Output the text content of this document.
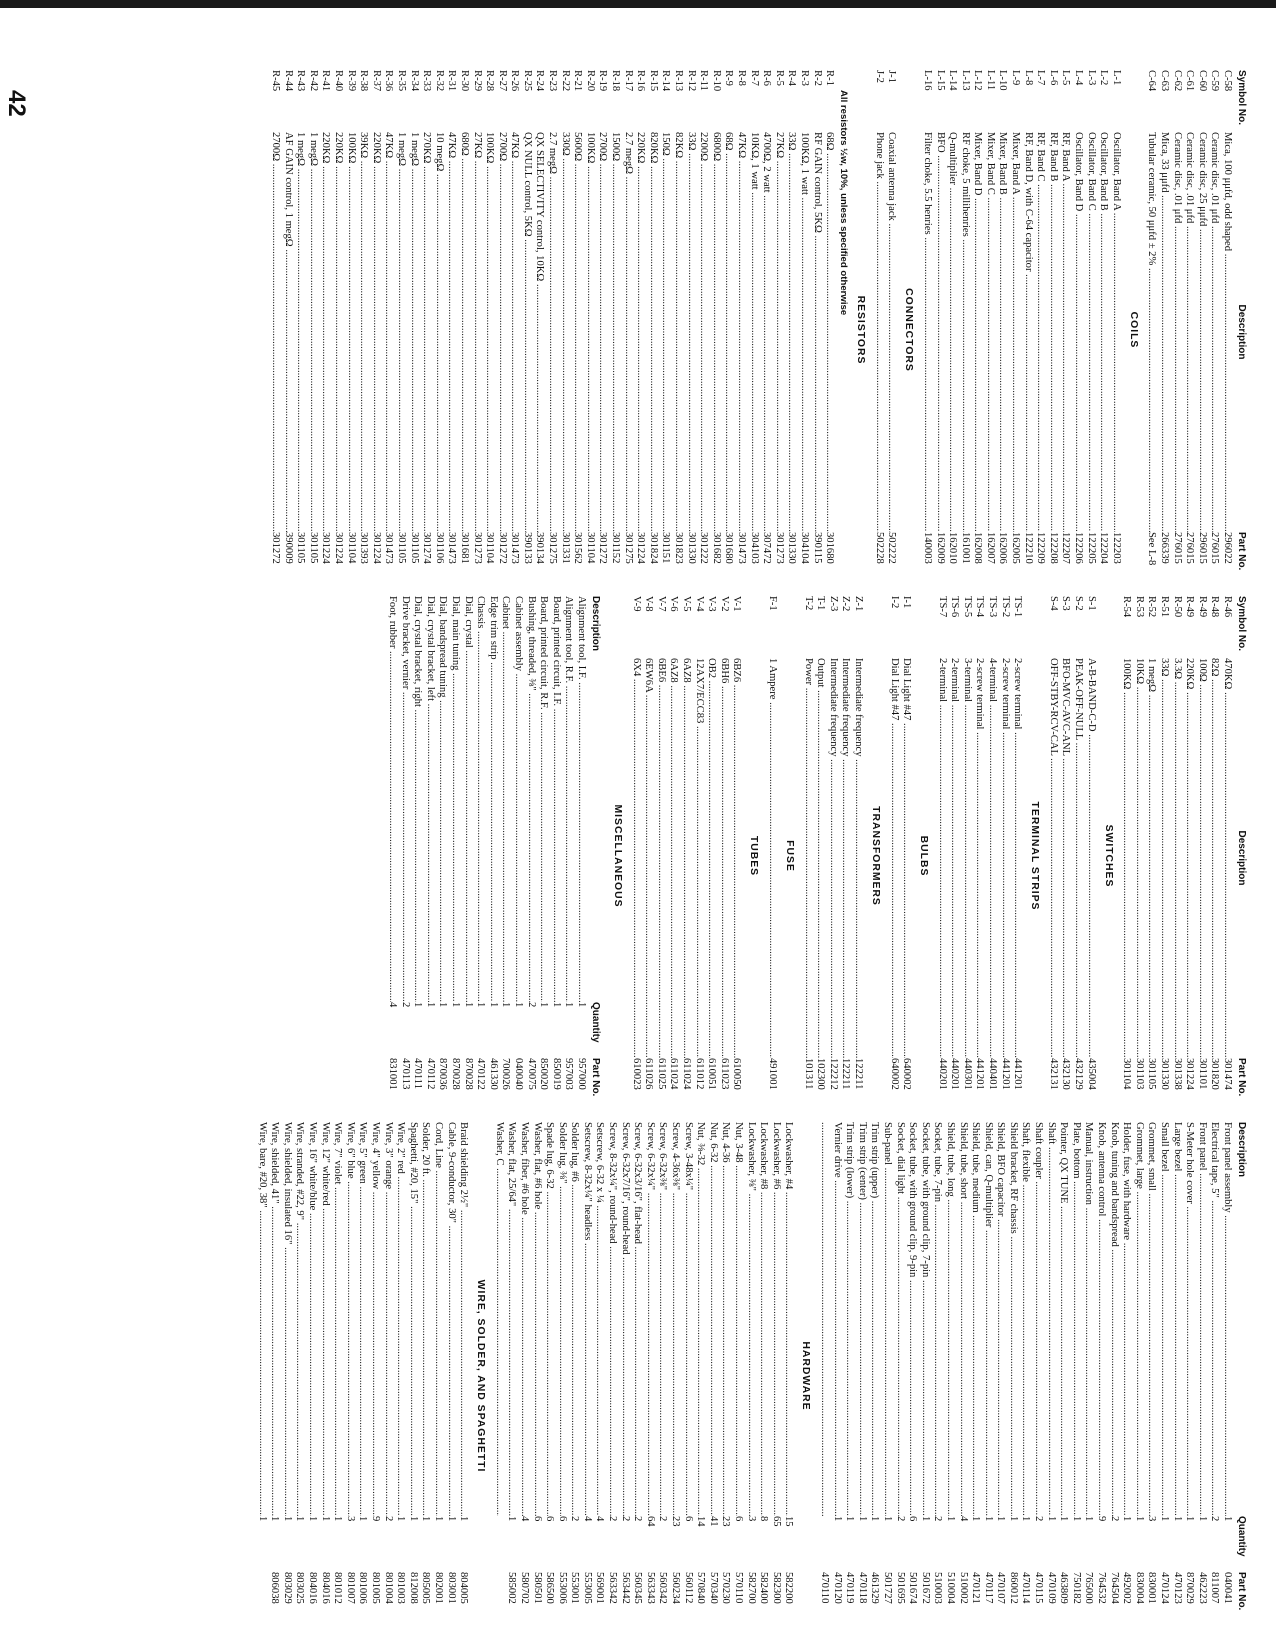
42	Symbol No.
Description
Part No.
C-58
Mica, 100 μμfd, odd shaped .....
296022
C-59
Ceramic disc, .01 μfd .....
276015
C-60
Ceramic disc, 25 μμfd .....
296015
C-61
Ceramic disc, .01 μfd .....
276015
C-62
Ceramic disc, .01 μfd .....
276015
C-63
Mica, 33 μμfd .....
266339
C-64
Tubular ceramic, 50 μμfd ± 2% .....
See L-8
COILS
L-1
Oscillator, Band A .....
122203
L-2
Oscillator, Band B .....
122204
L-3
Oscillator, Band C .....
122205
L-4
Oscillator, Band D .....
122206
L-5
RF, Band A .....
122207
L-6
RF, Band B .....
122208
L-7
RF, Band C .....
122209
L-8
RF, Band D, with C-64 capacitor .....
122210
L-9
Mixer, Band A .....
162005
L-10
Mixer, Band B .....
162006
L-11
Mixer, Band C .....
162007
L-12
Mixer, Band D .....
162008
L-13
RF choke, 5 millihenries .....
161001
L-14
Q-multiplier .....
162010
L-15
BFO .....
162009
L-16
Filter choke, 5.5 henries .....
140003
CONNECTORS
J-1
Coaxial antenna jack .....
502222
J-2
Phone jack .....
502228
RESISTORS
All resistors ½w, 10%, unless specified otherwise
R-1
68Ω .....
301680
R-2
RF GAIN control, 5KΩ .....
390115
R-3
100KΩ, 1 watt .....
304104
R-4
33Ω .....
301330
R-5
27KΩ .....
301273
R-6
4700Ω, 2 watt .....
307472
R-7
10KΩ, 1 watt .....
304103
R-8
47KΩ .....
301473
R-9
68Ω .....
301680
R-10
6800Ω .....
301682
R-11
2200Ω .....
301222
R-12
33Ω .....
301330
R-13
82KΩ .....
301823
R-14
150Ω .....
301151
R-15
820KΩ .....
301824
R-16
220KΩ .....
301224
R-17
2.7 megΩ .....
301275
R-18
1500Ω .....
301152
R-19
2700Ω .....
301272
R-20
100KΩ .....
301104
R-21
5600Ω .....
301562
R-22
330Ω .....
301331
R-23
2.7 megΩ .....
301275
R-24
QX SELECTIVITY control, 10KΩ .....
390134
R-25
QX NULL control, 5KΩ .....
390133
R-26
47KΩ .....
301473
R-27
2700Ω .....
301272
R-28
100KΩ .....
301104
R-29
27KΩ .....
301273
R-30
680Ω .....
301681
R-31
47KΩ .....
301473
R-32
10 megΩ .....
301106
R-33
270KΩ .....
301274
R-34
1 megΩ .....
301105
R-35
1 megΩ .....
301105
R-36
47KΩ .....
301473
R-37
220KΩ .....
301224
R-38
39KΩ .....
301393
R-39
100KΩ .....
301104
R-40
220KΩ .....
301224
R-41
220KΩ .....
301224
R-42
1 megΩ .....
301105
R-43
1 megΩ .....
301105
R-44
AF GAIN control, 1 megΩ .....
390009
R-45
2700Ω .....
301272
Symbol No.
Description
Part No.
R-46
470KΩ .....
301474
R-48
82Ω .....
301820
R-49
100Ω .....
301101
R-49
220KΩ .....
301224
R-50
3.3Ω .....
301338
R-51
33Ω .....
301330
R-52
1 megΩ .....
301105
R-53
10KΩ .....
301103
R-54
100KΩ .....
301104
SWITCHES
S-1
A-B-BAND-C-D .....
435004
S-2
PEAK-OFF-NULL .....
432129
S-3
BFO-MVC-AVC-ANL .....
432130
S-4
OFF-STBY-RCV-CAL .....
432131
TERMINAL STRIPS
TS-1
2-screw terminal .....
441201
TS-2
2-screw terminal .....
441201
TS-3
4-terminal .....
440401
TS-4
2-screw terminal .....
441201
TS-5
3-terminal .....
440301
TS-6
2-terminal .....
440201
TS-7
2-terminal .....
440201
BULBS
I-1
Dial Light #47 .....
640002
I-2
Dial Light #47 .....
640002
TRANSFORMERS
Z-1
Intermediate frequency .....
122211
Z-2
Intermediate frequency .....
122211
Z-3
Intermediate frequency .....
122212
T-1
Output .....
102300
T-2
Power .....
101311
FUSE
F-1
1 Ampere .....
491001
TUBES
V-1
6BZ6 .....
610050
V-2
6BH6 .....
611023
V-3
OB2 .....
610051
V-4
12AX7/ECC83 .....
611012
V-5
6AZ8 .....
611024
V-6
6AZ8 .....
611024
V-7
6BE6 .....
611025
V-8
6EW6A .....
611026
V-9
6X4 .....
610023
MISCELLANEOUS
Description
Quantity
Part No.
Alignment tool, I.F. .....
1
957000
Alignment tool, R.F. .....
1
957003
Board, printed circuit, I.F. .....
1
850019
Board, printed circuit, R.F. .....
1
850020
Bushing, threaded, ⅜" .....
2
470075
Cabinet assembly .....
1
040040
Cabinet .....
1
700026
Edge trim strip .....
1
461330
Chassis .....
1
470122
Dial, crystal .....
1
870028
Dial, main tuning .....
1
870028
Dial, bandspread tuning .....
1
870036
Dial, crystal bracket, left .....
1
470112
Dial, crystal bracket, right .....
1
470111
Drive bracket, vernier .....
2
470113
Foot, rubber .....
4
831001
Description
Quantity
Part No.
Front panel assembly .....
1
040041
Electrical tape, 5" .....
2
811007
Front panel .....
1
462223
S-Meter hole cover .....
1
870029
Large bezel .....
1
470123
Small bezel .....
1
470124
Grommet, small .....
3
830001
Grommet, large .....
1
830004
Holder, fuse, with hardware .....
1
492002
Knob, tuning and bandspread .....
2
764504
Knob, antenna control .....
9
764532
Manual, instruction .....
1
765000
Plate, bottom .....
1
750182
Pointer, QX TUNE .....
1
463809
Shaft .....
1
470109
Shaft coupler .....
2
470115
Shaft, flexible .....
1
470114
Shield bracket, RF chassis .....
1
860012
Shield, BFO capacitor .....
1
470107
Shield, can, Q-multiplier .....
1
470117
Shield, tube, medium .....
1
470121
Shield, tube, short .....
4
510002
Shield, tube, long .....
1
510004
Socket, tube, 7-pin .....
2
510003
Socket, tube, with ground clip, 7-pin .....
1
501672
Socket, tube, with ground clip, 9-pin .....
6
501674
Socket, dial light .....
2
501695
Sub-panel .....
1
501727
Trim strip (upper) .....
1
461329
Trim strip (center) .....
1
470118
Trim strip (lower) .....
1
470119
Vernier drive .....
1
470120
.....
470110
HARDWARE
Lockwasher, #4 .....
15
582200
Lockwasher, #6 .....
65
582300
Lockwasher, #8 .....
8
582400
Lockwasher, ⅜" .....
3
582700
Nut, 3-48 .....
6
570110
Nut, 4-36 .....
23
570230
Nut, 6-32 .....
41
570340
Nut, ⅜-32 .....
14
570840
Screw, 3-48x¼" .....
6
560112
Screw, 4-36x⅜" .....
23
560234
Screw, 6-32x⅜" .....
2
560342
Screw, 6-32x¼" .....
64
563343
Screw, 6-32x3/16", flat-head .....
2
560345
Screw, 6-32x7/16", round-head .....
2
563442
Screw, 8-32x¼", round-head .....
2
563342
Setscrew, 6-32 x ¼ .....
4
569001
Setscrew, 8-32x¼" headless .....
4
553005
Solder lug, #6 .....
2
553001
Solder lug, ⅜" .....
6
553006
Spade lug, 6-32 .....
6
586500
Washer, flat, #6 hole .....
6
580501
Washer, fiber, #6 hole .....
4
580702
Washer, flat, 25/64" .....
1
585002
Washer, C .....
WIRE, SOLDER, AND SPAGHETTI
Braid shielding 2½" .....
1
804005
Cable, 9-conductor, 30" .....
1
803001
Cord, Line .....
1
802001
Solder, 20 ft. .....
1
805005
Spaghetti, #20, 15" .....
1
812008
Wire, 2" red .....
1
801003
Wire, 3" orange .....
2
801004
Wire, 4" yellow .....
9
801005
Wire, 5" green .....
1
801006
Wire, 6" blue .....
3
801007
Wire, 7" violet .....
1
801012
Wire, 12" white/red .....
1
804016
Wire, 16" white/blue .....
1
804016
Wire, stranded, #22, 9" .....
1
803025
Wire, shielded, insulated 16" .....
1
803029
Wire, shielded, 41" .....
1
806038
Wire, bare, #20, 38" .....
1
